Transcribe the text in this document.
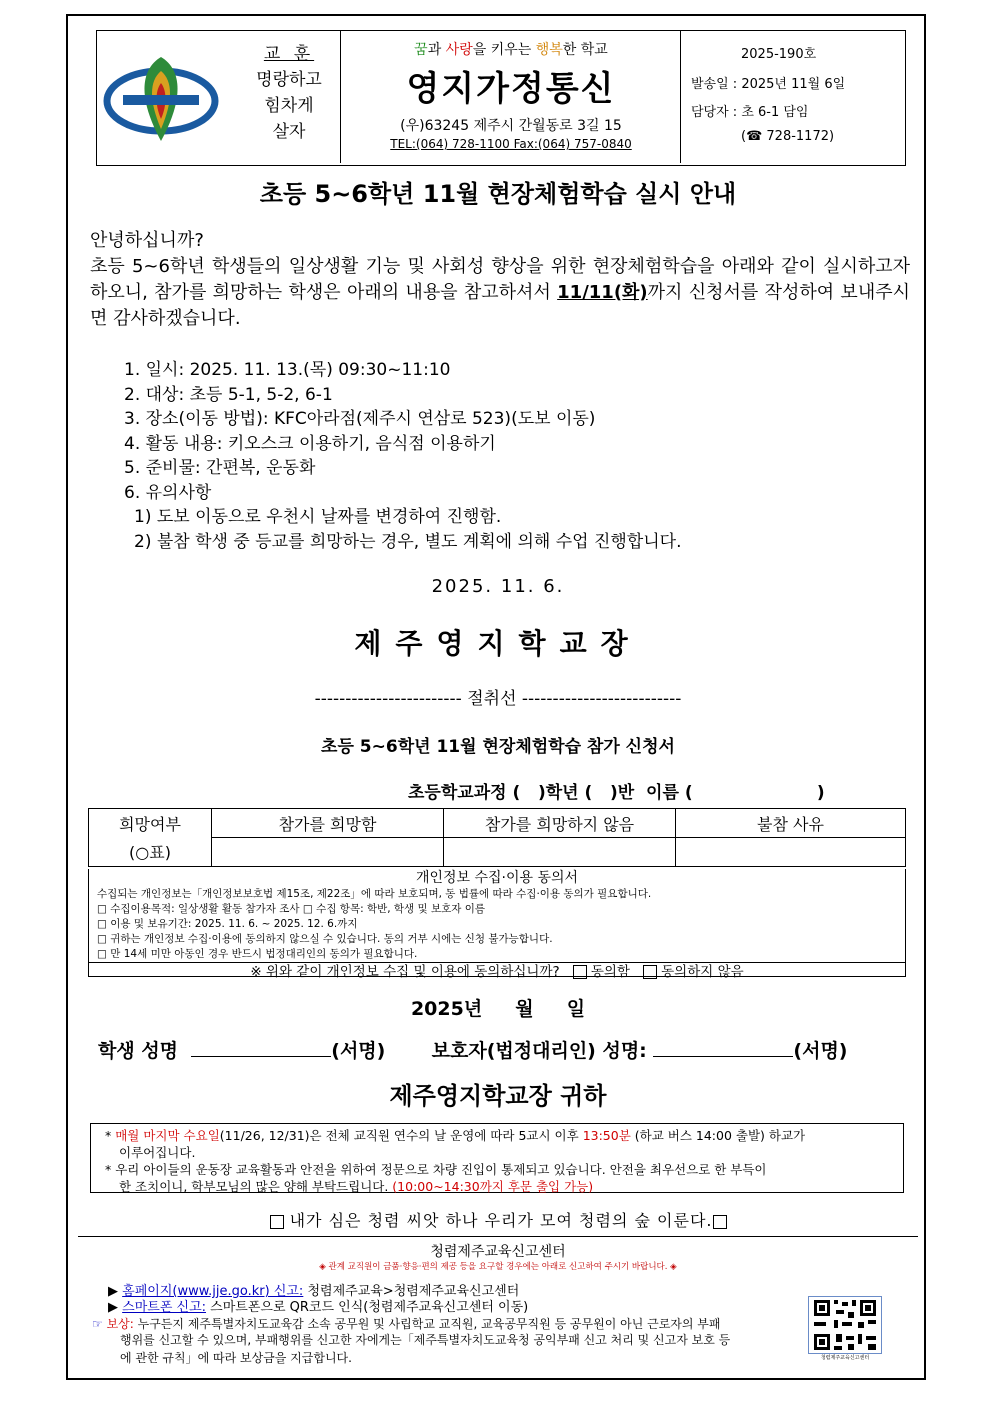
교 훈
명랑하고
힘차게
살자
꿈과 사랑을 키우는 행복한 학교
영지가정통신
(우)63245 제주시 간월동로 3길 15
TEL:(064) 728-1100 Fax:(064) 757-0840
2025-190호
발송일 : 2025년 11월 6일
담당자 : 초 6-1 담임
(☎ 728-1172)
초등 5~6학년 11월 현장체험학습 실시 안내
안녕하십니까?
초등 5~6학년 학생들의 일상생활 기능 및 사회성 향상을 위한 현장체험학습을 아래와 같이 실시하고자 하오니, 참가를 희망하는 학생은 아래의 내용을 참고하셔서 11/11(화)까지 신청서를 작성하여 보내주시면 감사하겠습니다.
1. 일시: 2025. 11. 13.(목) 09:30~11:10
2. 대상: 초등 5-1, 5-2, 6-1
3. 장소(이동 방법): KFC아라점(제주시 연삼로 523)(도보 이동)
4. 활동 내용: 키오스크 이용하기, 음식점 이용하기
5. 준비물: 간편복, 운동화
6. 유의사항
1) 도보 이동으로 우천시 날짜를 변경하여 진행함.
2) 불참 학생 중 등교를 희망하는 경우, 별도 계획에 의해 수업 진행합니다.
2025. 11. 6.
제주영지학교장
------------------------ 절취선 --------------------------
초등 5~6학년 11월 현장체험학습 참가 신청서
초등학교과정 (   )학년 (   )반  이름 (                     )
희망여부	참가를 희망함	참가를 희망하지 않음	불참 사유
(○표)			
개인정보 수집·이용 동의서
수집되는 개인정보는「개인정보보호법 제15조, 제22조」에 따라 보호되며, 동 법률에 따라 수집·이용 동의가 필요합니다.
□ 수집이용목적: 일상생활 활동 참가자 조사 □ 수집 항목: 학반, 학생 및 보호자 이름
□ 이용 및 보유기간: 2025. 11. 6. ~ 2025. 12. 6.까지
□ 귀하는 개인정보 수집·이용에 동의하지 않으실 수 있습니다. 동의 거부 시에는 신청 불가능합니다.
□ 만 14세 미만 아동인 경우 반드시 법정대리인의 동의가 필요합니다.
※ 위와 같이 개인정보 수집 및 이용에 동의하십니까? 동의함 동의하지 않음
2025년     월     일
학생 성명	(서명) 보호자(법정대리인) 성명:	(서명)
제주영지학교장 귀하
* 매월 마지막 수요일(11/26, 12/31)은 전체 교직원 연수의 날 운영에 따라 5교시 이후 13:50분 (하교 버스 14:00 출발) 하교가
이루어집니다.
* 우리 아이들의 운동장 교육활동과 안전을 위하여 정문으로 차량 진입이 통제되고 있습니다. 안전을 최우선으로 한 부득이
한 조치이니, 학부모님의 많은 양해 부탁드립니다. (10:00~14:30까지 후문 출입 가능)
내가 심은 청렴 씨앗 하나 우리가 모여 청렴의 숲 이룬다.
청렴제주교육신고센터
◈ 관계 교직원이 금품·향응·편의 제공 등을 요구할 경우에는 아래로 신고하여 주시기 바랍니다. ◈
▶ 홈페이지(www.jje.go.kr) 신고: 청렴제주교육>청렴제주교육신고센터
▶ 스마트폰 신고: 스마트폰으로 QR코드 인식(청렴제주교육신고센터 이동)
☞ 보상: 누구든지 제주특별자치도교육감 소속 공무원 및 사립학교 교직원, 교육공무직원 등 공무원이 아닌 근로자의 부패
행위를 신고할 수 있으며, 부패행위를 신고한 자에게는「제주특별자치도교육청 공익부패 신고 처리 및 신고자 보호 등
에 관한 규칙」에 따라 보상금을 지급합니다.	청렴제주교육신고센터
